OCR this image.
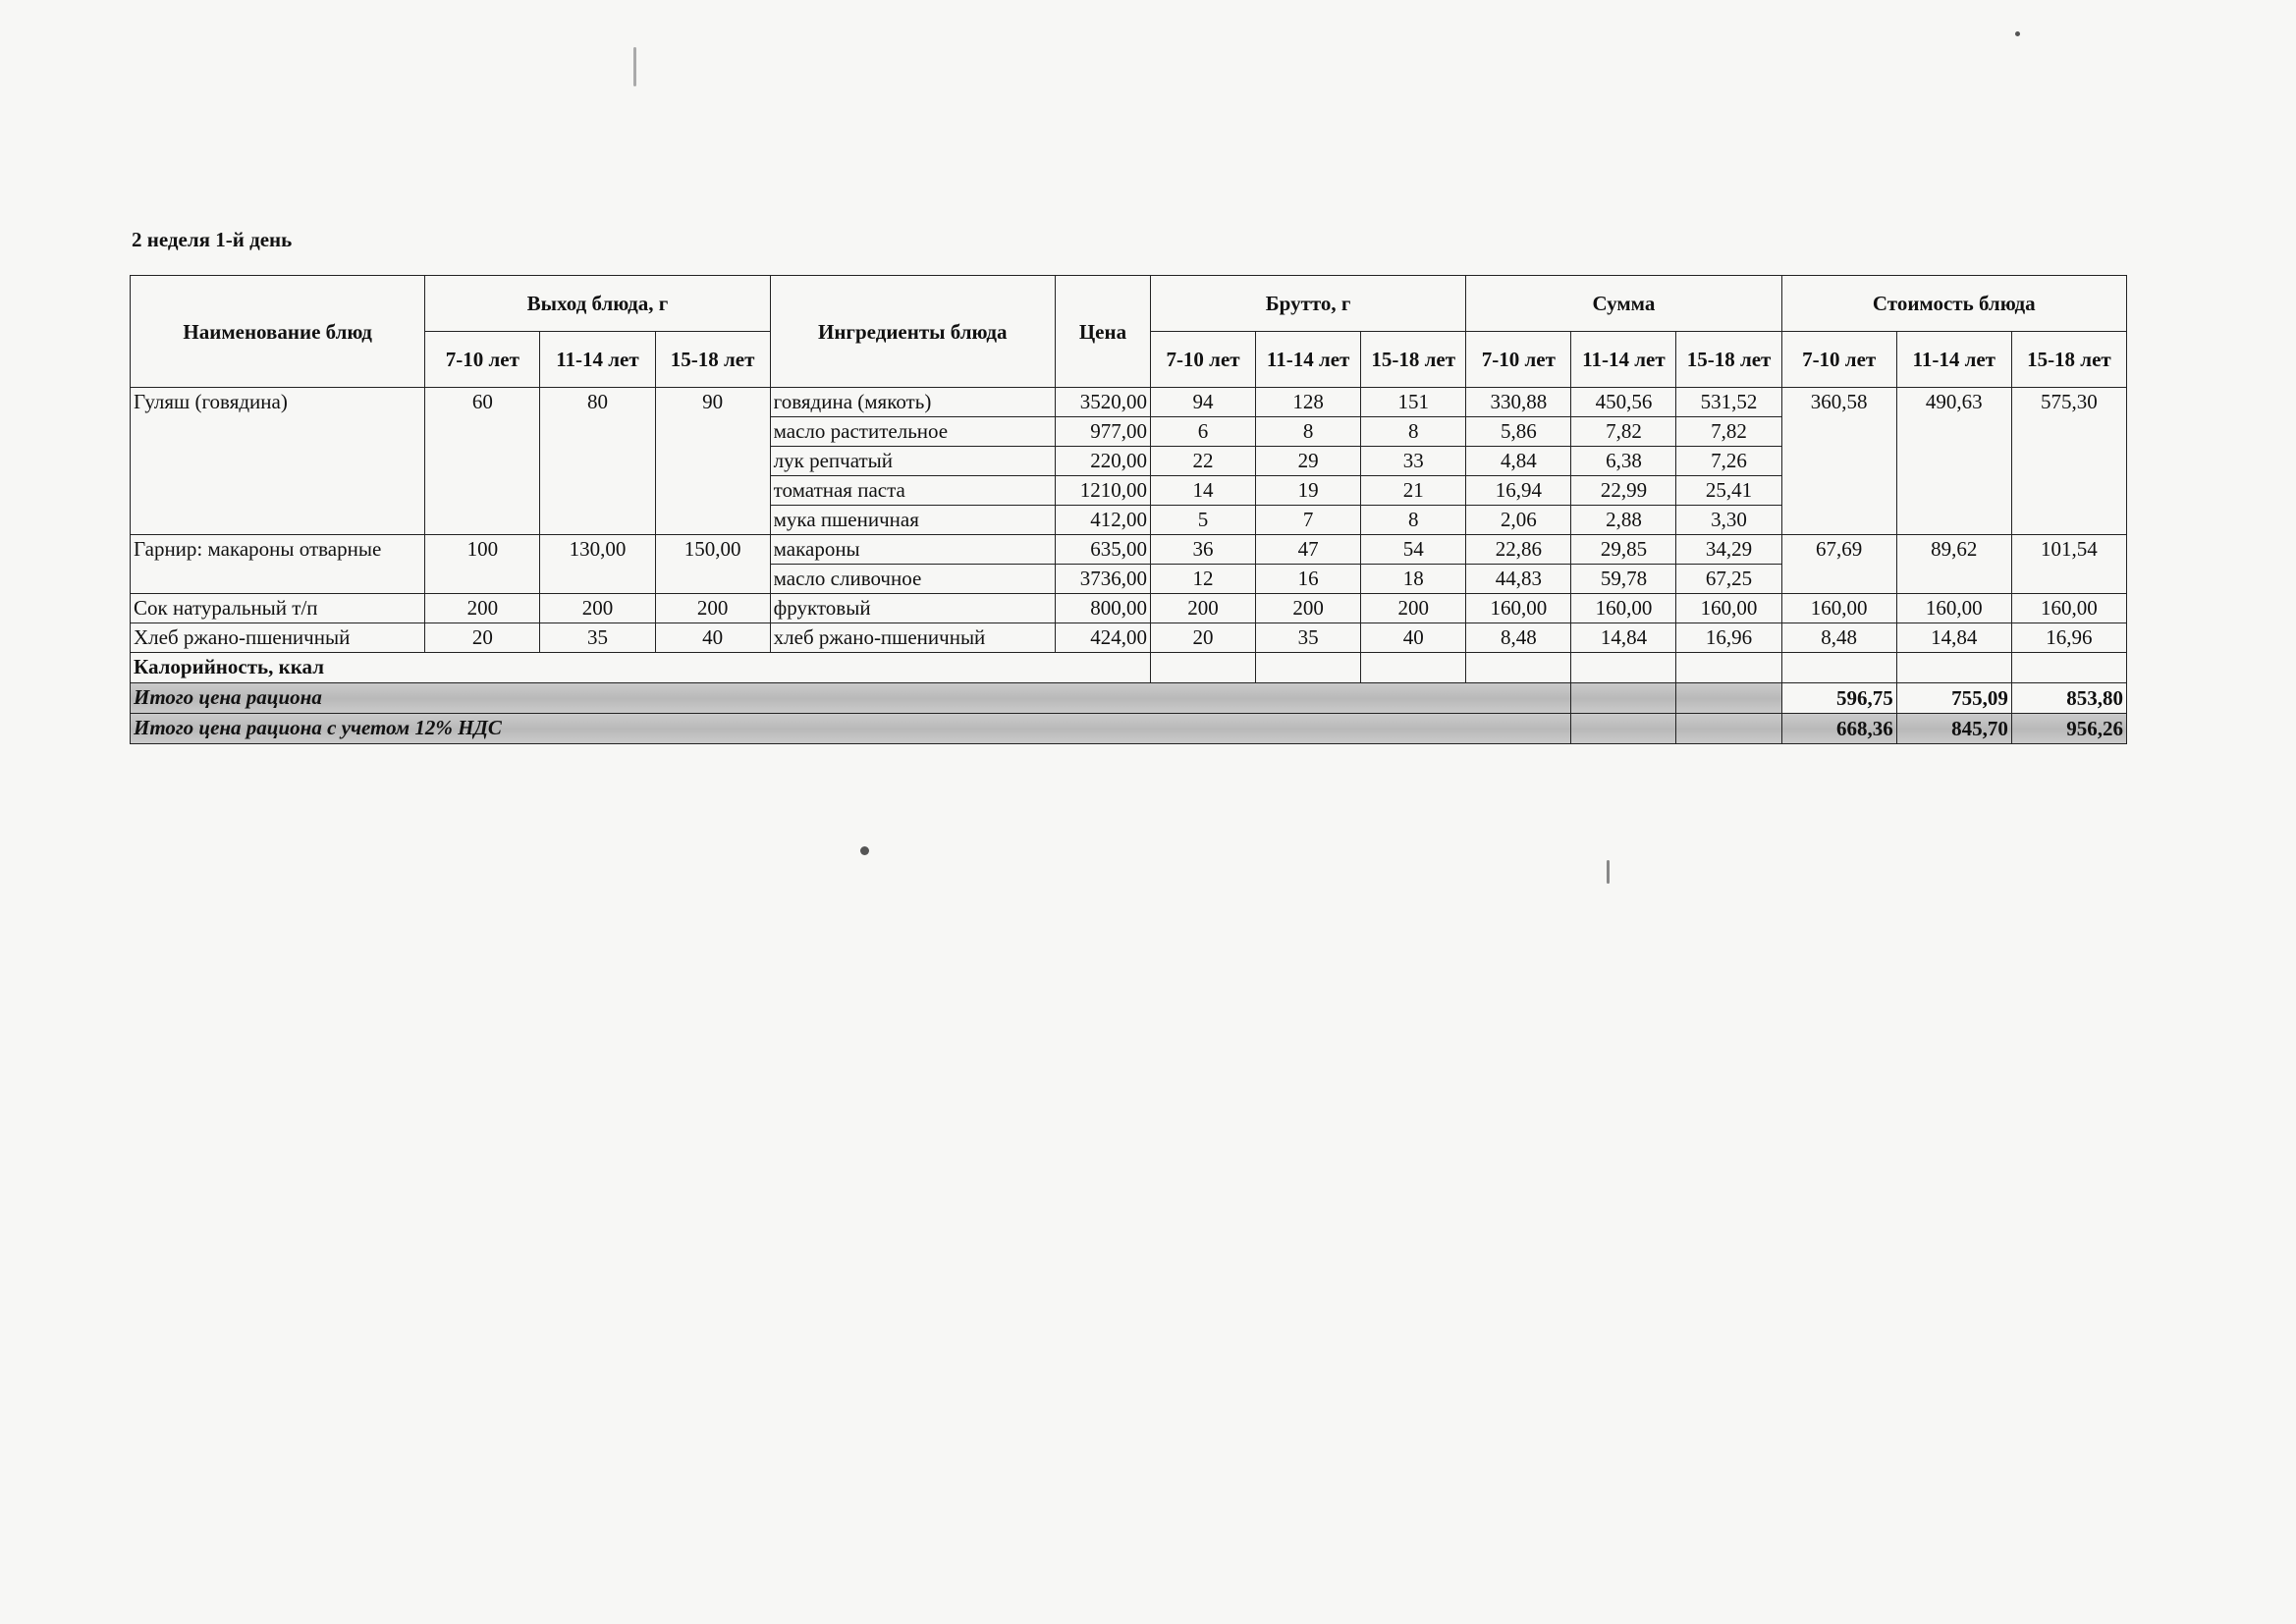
2 неделя 1-й день
Наименование блюд	Выход блюда, г			Ингредиенты блюда	Цена	Брутто, г			Сумма			Стоимость блюда		
	7-10 лет	11-14 лет	15-18 лет			7-10 лет	11-14 лет	15-18 лет	7-10 лет	11-14 лет	15-18 лет	7-10 лет	11-14 лет	15-18 лет
Гуляш (говядина)	60	80	90	говядина (мякоть)	3520,00	94	128	151	330,88	450,56	531,52	360,58	490,63	575,30
				масло растительное	977,00	6	8	8	5,86	7,82	7,82			
				лук репчатый	220,00	22	29	33	4,84	6,38	7,26			
				томатная паста	1210,00	14	19	21	16,94	22,99	25,41			
				мука пшеничная	412,00	5	7	8	2,06	2,88	3,30			
Гарнир: макароны отварные	100	130,00	150,00	макароны	635,00	36	47	54	22,86	29,85	34,29	67,69	89,62	101,54
				масло сливочное	3736,00	12	16	18	44,83	59,78	67,25			
Сок натуральный т/п	200	200	200	фруктовый	800,00	200	200	200	160,00	160,00	160,00	160,00	160,00	160,00
Хлеб ржано-пшеничный	20	35	40	хлеб ржано-пшеничный	424,00	20	35	40	8,48	14,84	16,96	8,48	14,84	16,96
Калорийность, ккал														
Итого цена рациона												596,75	755,09	853,80
Итого цена рациона с учетом 12% НДС												668,36	845,70	956,26
